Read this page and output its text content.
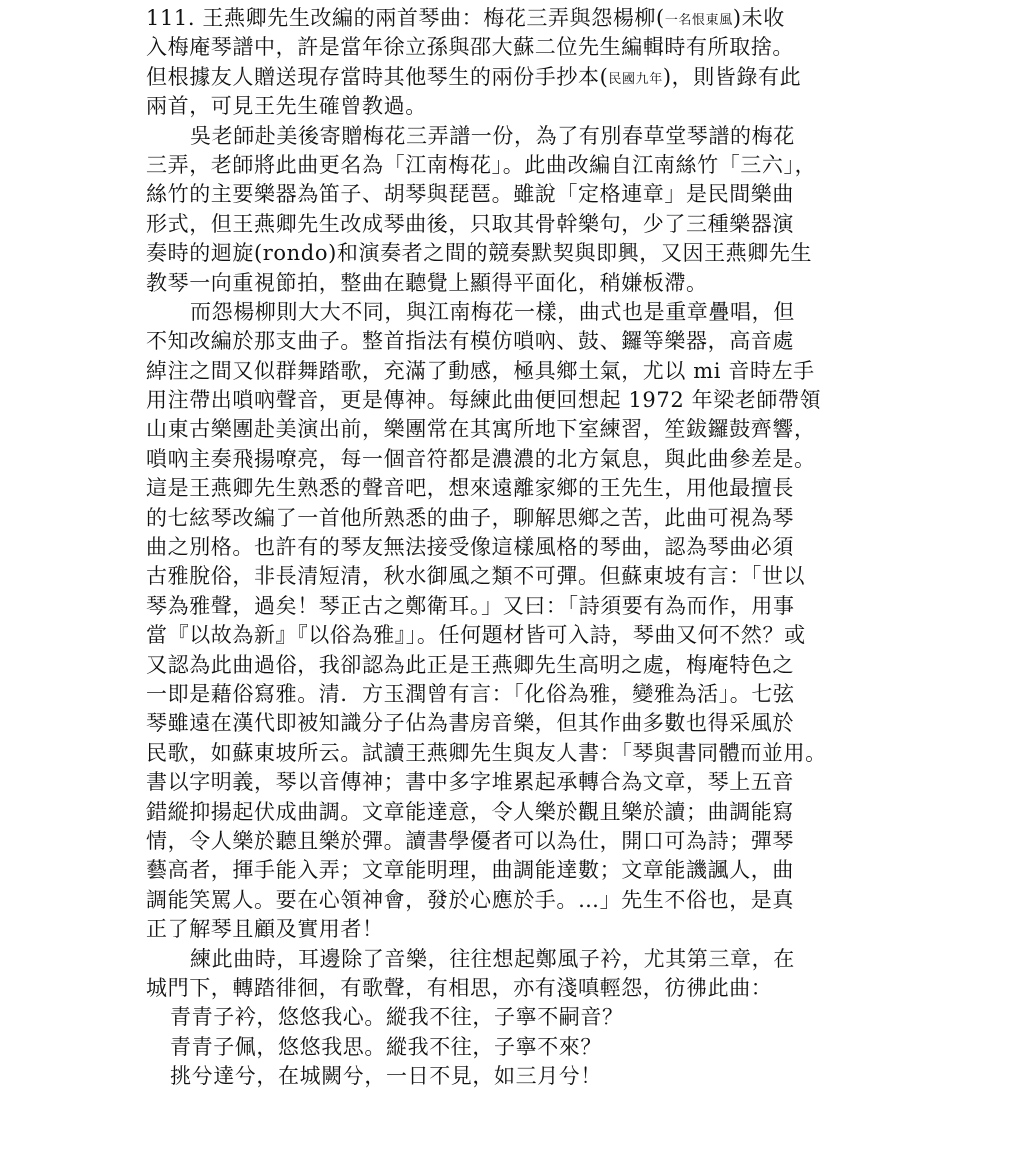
111. 王燕卿先生改編的兩首琴曲：梅花三弄與怨楊柳(一名恨東風)未收
入梅庵琴譜中，許是當年徐立孫與邵大蘇二位先生編輯時有所取捨。
但根據友人贈送現存當時其他琴生的兩份手抄本(民國九年)，則皆錄有此
兩首，可見王先生確曾教過。
吳老師赴美後寄贈梅花三弄譜一份，為了有別春草堂琴譜的梅花
三弄，老師將此曲更名為「江南梅花」。此曲改編自江南絲竹「三六」，
絲竹的主要樂器為笛子、胡琴與琵琶。雖說「定格連章」是民間樂曲
形式，但王燕卿先生改成琴曲後，只取其骨幹樂句，少了三種樂器演
奏時的迴旋(rondo)和演奏者之間的競奏默契與即興，又因王燕卿先生
教琴一向重視節拍，整曲在聽覺上顯得平面化，稍嫌板滯。
而怨楊柳則大大不同，與江南梅花一樣，曲式也是重章疊唱，但
不知改編於那支曲子。整首指法有模仿嗩吶、鼓、鑼等樂器，高音處
綽注之間又似群舞踏歌，充滿了動感，極具鄉土氣，尤以 mi 音時左手
用注帶出嗩吶聲音，更是傳神。每練此曲便回想起 1972 年梁老師帶領
山東古樂團赴美演出前，樂團常在其寓所地下室練習，笙鈸鑼鼓齊響，
嗩吶主奏飛揚嘹亮，每一個音符都是濃濃的北方氣息，與此曲參差是。
這是王燕卿先生熟悉的聲音吧，想來遠離家鄉的王先生，用他最擅長
的七絃琴改編了一首他所熟悉的曲子，聊解思鄉之苦，此曲可視為琴
曲之別格。也許有的琴友無法接受像這樣風格的琴曲，認為琴曲必須
古雅脫俗，非長清短清，秋水御風之類不可彈。但蘇東坡有言：「世以
琴為雅聲，過矣！琴正古之鄭衛耳。」又曰：「詩須要有為而作，用事
當『以故為新』『以俗為雅』」。任何題材皆可入詩，琴曲又何不然？或
又認為此曲過俗，我卻認為此正是王燕卿先生高明之處，梅庵特色之
一即是藉俗寫雅。清．方玉潤曾有言：「化俗為雅，變雅為活」。七弦
琴雖遠在漢代即被知識分子佔為書房音樂，但其作曲多數也得采風於
民歌，如蘇東坡所云。試讀王燕卿先生與友人書：「琴與書同體而並用。
書以字明義，琴以音傳神；書中多字堆累起承轉合為文章，琴上五音
錯縱抑揚起伏成曲調。文章能達意，令人樂於觀且樂於讀；曲調能寫
情，令人樂於聽且樂於彈。讀書學優者可以為仕，開口可為詩；彈琴
藝高者，揮手能入弄；文章能明理，曲調能達數；文章能譏諷人，曲
調能笑罵人。要在心領神會，發於心應於手。…」先生不俗也，是真
正了解琴且顧及實用者！
練此曲時，耳邊除了音樂，往往想起鄭風子衿，尤其第三章，在
城門下，轉踏徘徊，有歌聲，有相思，亦有淺嗔輕怨，彷彿此曲：
青青子衿，悠悠我心。縱我不往，子寧不嗣音？
青青子佩，悠悠我思。縱我不往，子寧不來？
挑兮達兮，在城闕兮，一日不見，如三月兮！
